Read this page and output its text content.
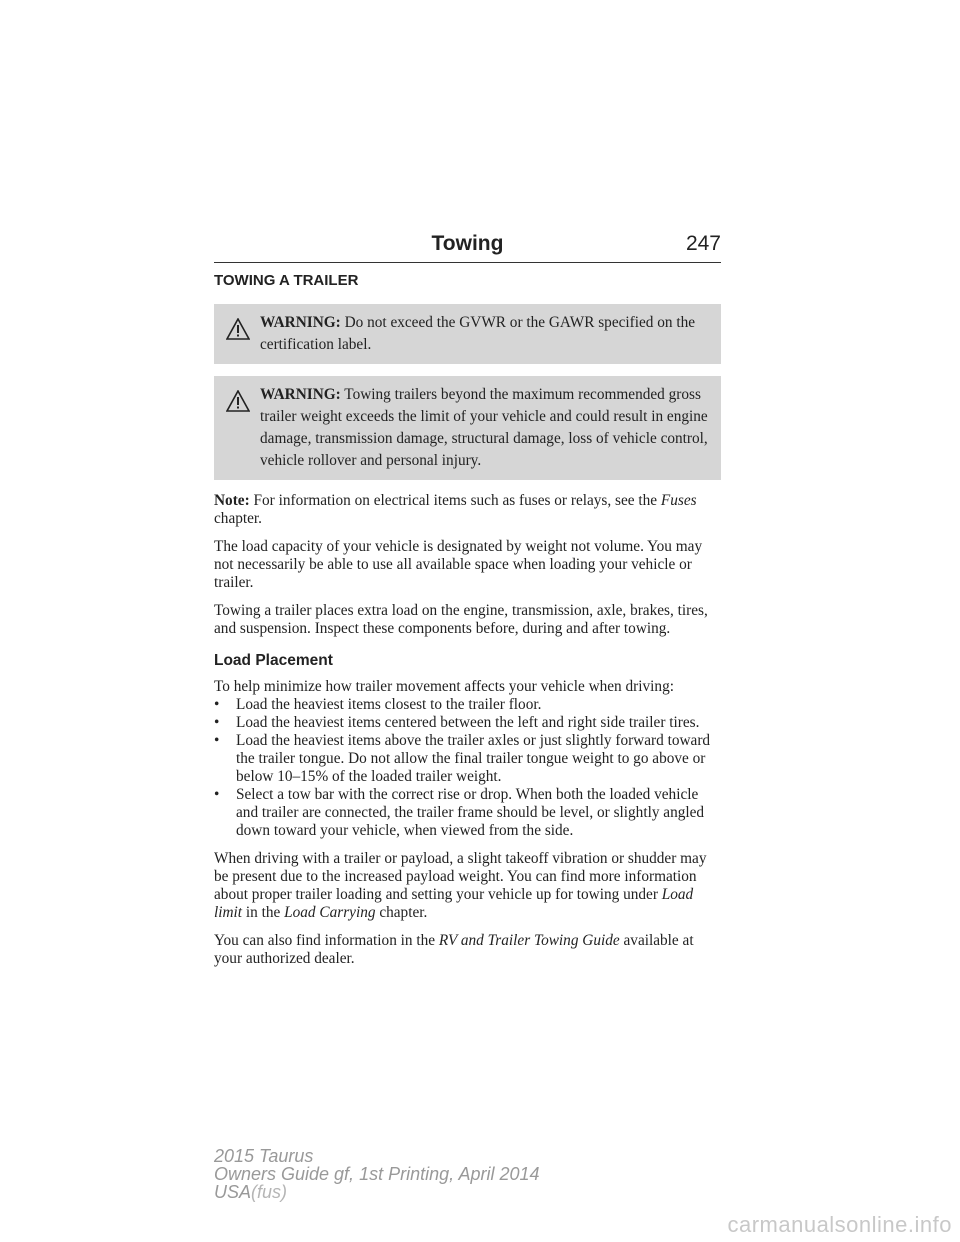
Towing	247
TOWING A TRAILER
WARNING: Do not exceed the GVWR or the GAWR specified on the certification label.
WARNING: Towing trailers beyond the maximum recommended gross trailer weight exceeds the limit of your vehicle and could result in engine damage, transmission damage, structural damage, loss of vehicle control, vehicle rollover and personal injury.

Note: For information on electrical items such as fuses or relays, see the Fuses chapter.

The load capacity of your vehicle is designated by weight not volume. You may not necessarily be able to use all available space when loading your vehicle or trailer.

Towing a trailer places extra load on the engine, transmission, axle, brakes, tires, and suspension. Inspect these components before, during and after towing.

Load Placement
To help minimize how trailer movement affects your vehicle when driving:
• Load the heaviest items closest to the trailer floor.
• Load the heaviest items centered between the left and right side trailer tires.
• Load the heaviest items above the trailer axles or just slightly forward toward the trailer tongue. Do not allow the final trailer tongue weight to go above or below 10–15% of the loaded trailer weight.
• Select a tow bar with the correct rise or drop. When both the loaded vehicle and trailer are connected, the trailer frame should be level, or slightly angled down toward your vehicle, when viewed from the side.

When driving with a trailer or payload, a slight takeoff vibration or shudder may be present due to the increased payload weight. You can find more information about proper trailer loading and setting your vehicle up for towing under Load limit in the Load Carrying chapter.

You can also find information in the RV and Trailer Towing Guide available at your authorized dealer.

2015 Taurus
Owners Guide gf, 1st Printing, April 2014
USA(fus)
carmanualsonline.info
